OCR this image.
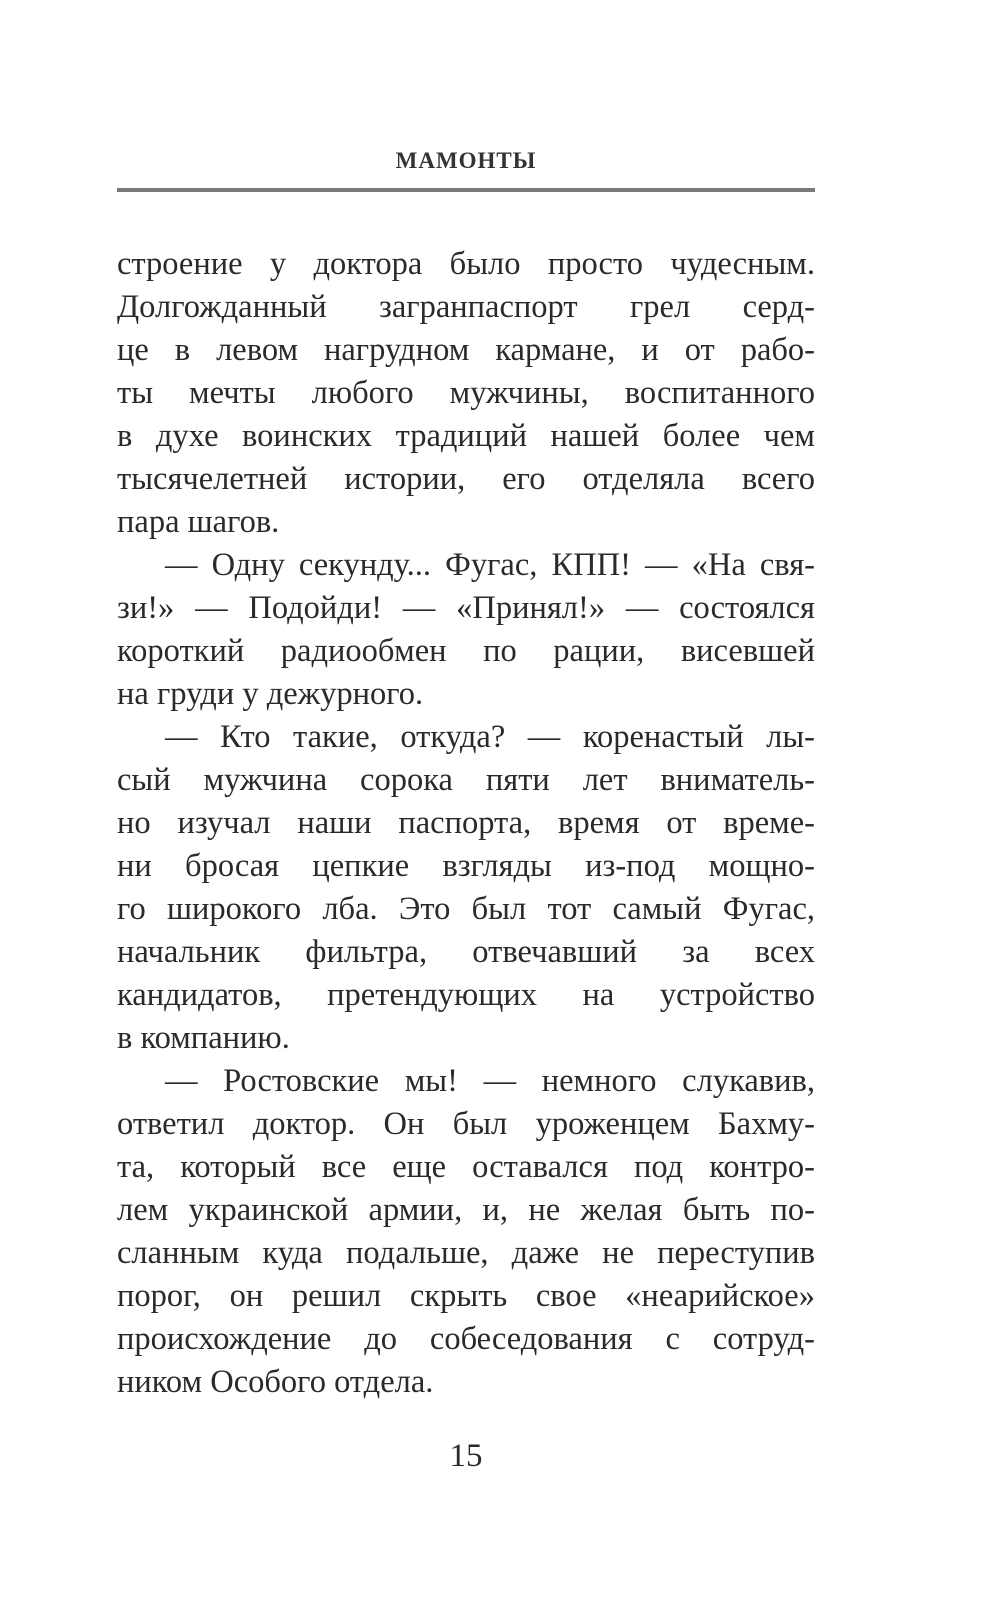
МАМОНТЫ
строение у доктора было просто чудесным.
Долгожданный загранпаспорт грел серд-
це в левом нагрудном кармане, и от рабо-
ты мечты любого мужчины, воспитанного
в духе воинских традиций нашей более чем
тысячелетней истории, его отделяла всего
пара шагов.
— Одну секунду... Фугас, КПП! — «На свя-
зи!» — Подойди! — «Принял!» — состоялся
короткий радиообмен по рации, висевшей
на груди у дежурного.
— Кто такие, откуда? — коренастый лы-
сый мужчина сорока пяти лет вниматель-
но изучал наши паспорта, время от време-
ни бросая цепкие взгляды из-под мощно-
го широкого лба. Это был тот самый Фугас,
начальник фильтра, отвечавший за всех
кандидатов, претендующих на устройство
в компанию.
— Ростовские мы! — немного слукавив,
ответил доктор. Он был уроженцем Бахму-
та, который все еще оставался под контро-
лем украинской армии, и, не желая быть по-
сланным куда подальше, даже не переступив
порог, он решил скрыть свое «неарийское»
происхождение до собеседования с сотруд-
ником Особого отдела.
15
